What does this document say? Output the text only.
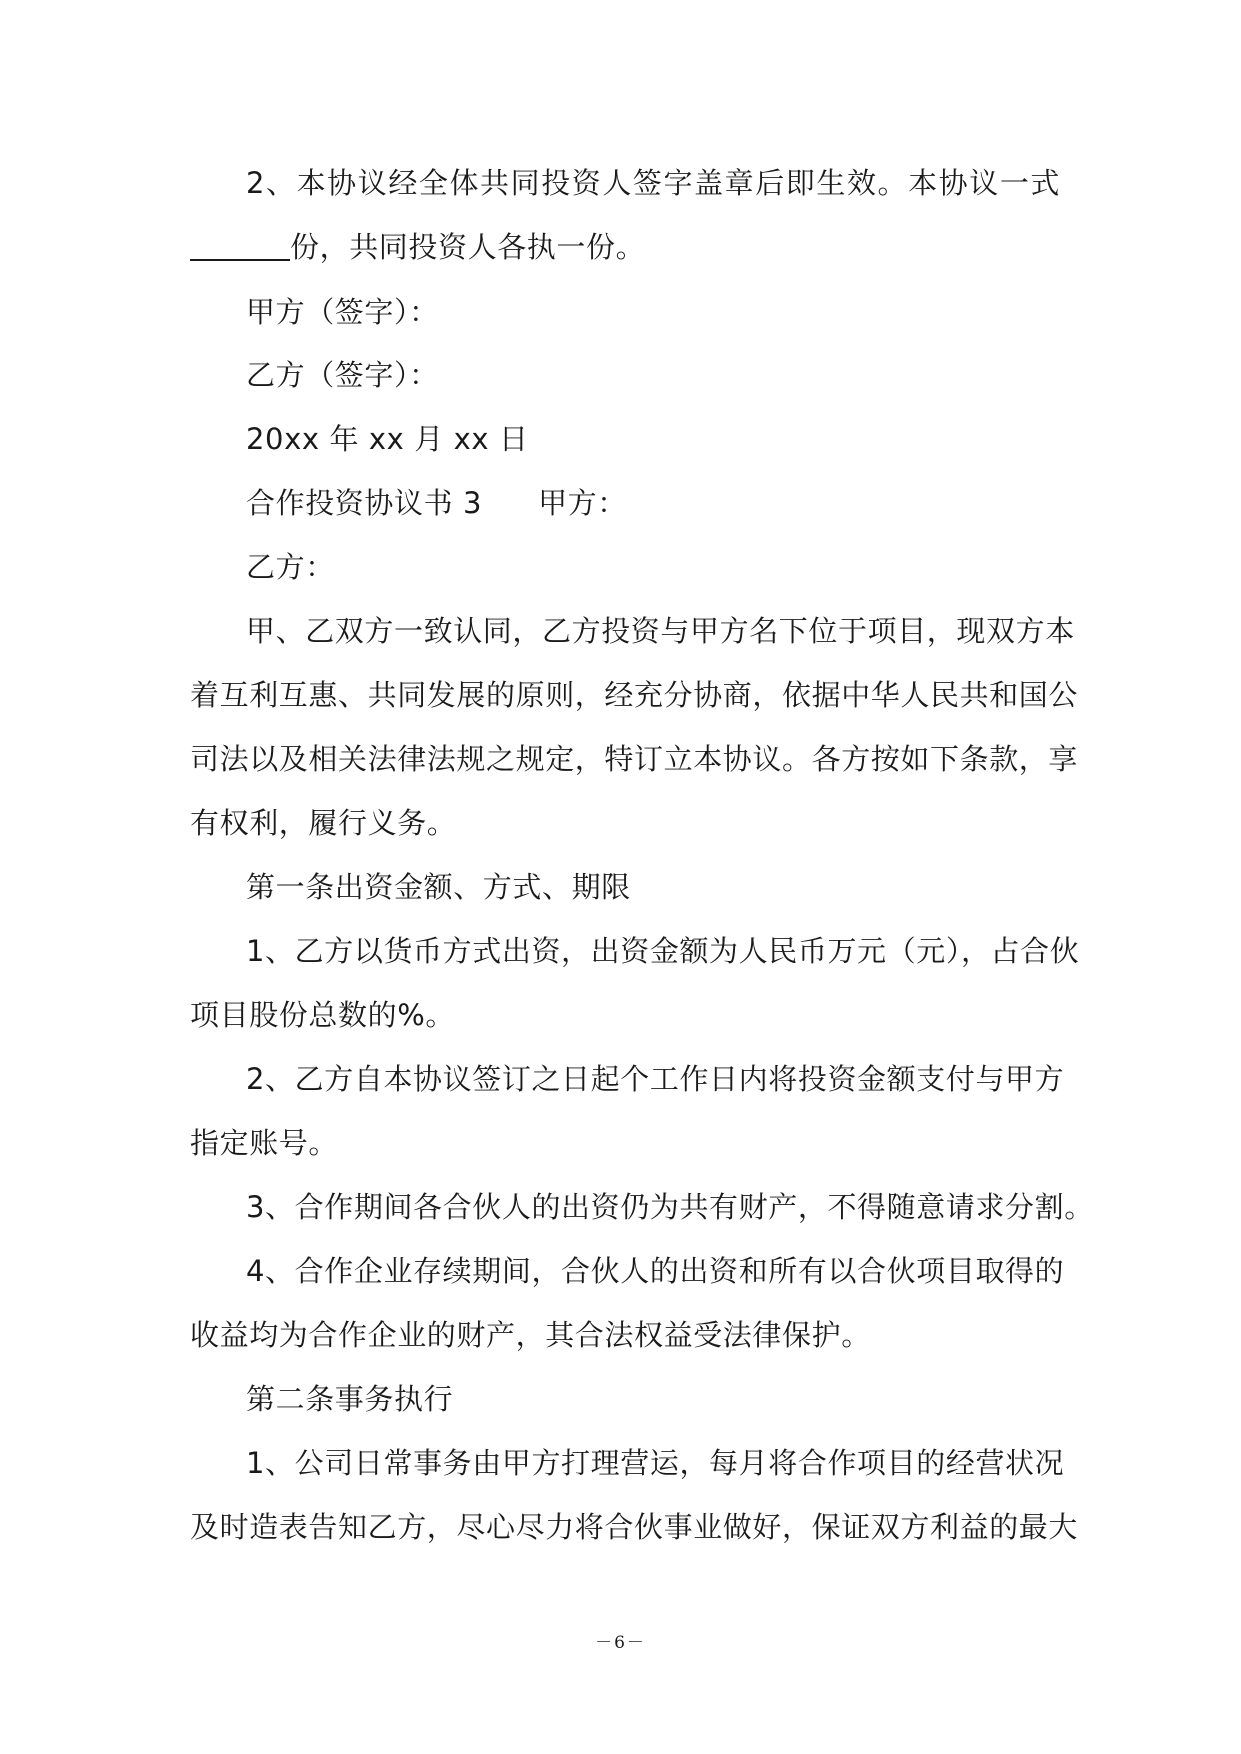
2、本协议经全体共同投资人签字盖章后即生效。本协议一式
份，共同投资人各执一份。
甲方（签字）：
乙方（签字）：
20xx 年 xx 月 xx 日
合作投资协议书 3 甲方：
乙方：
甲、乙双方一致认同，乙方投资与甲方名下位于项目，现双方本
着互利互惠、共同发展的原则，经充分协商，依据中华人民共和国公
司法以及相关法律法规之规定，特订立本协议。各方按如下条款，享
有权利，履行义务。
第一条出资金额、方式、期限
1、乙方以货币方式出资，出资金额为人民币万元（元），占合伙
项目股份总数的%。
2、乙方自本协议签订之日起个工作日内将投资金额支付与甲方
指定账号。
3、合作期间各合伙人的出资仍为共有财产，不得随意请求分割。
4、合作企业存续期间，合伙人的出资和所有以合伙项目取得的
收益均为合作企业的财产，其合法权益受法律保护。
第二条事务执行
1、公司日常事务由甲方打理营运，每月将合作项目的经营状况
及时造表告知乙方，尽心尽力将合伙事业做好，保证双方利益的最大
－6－
